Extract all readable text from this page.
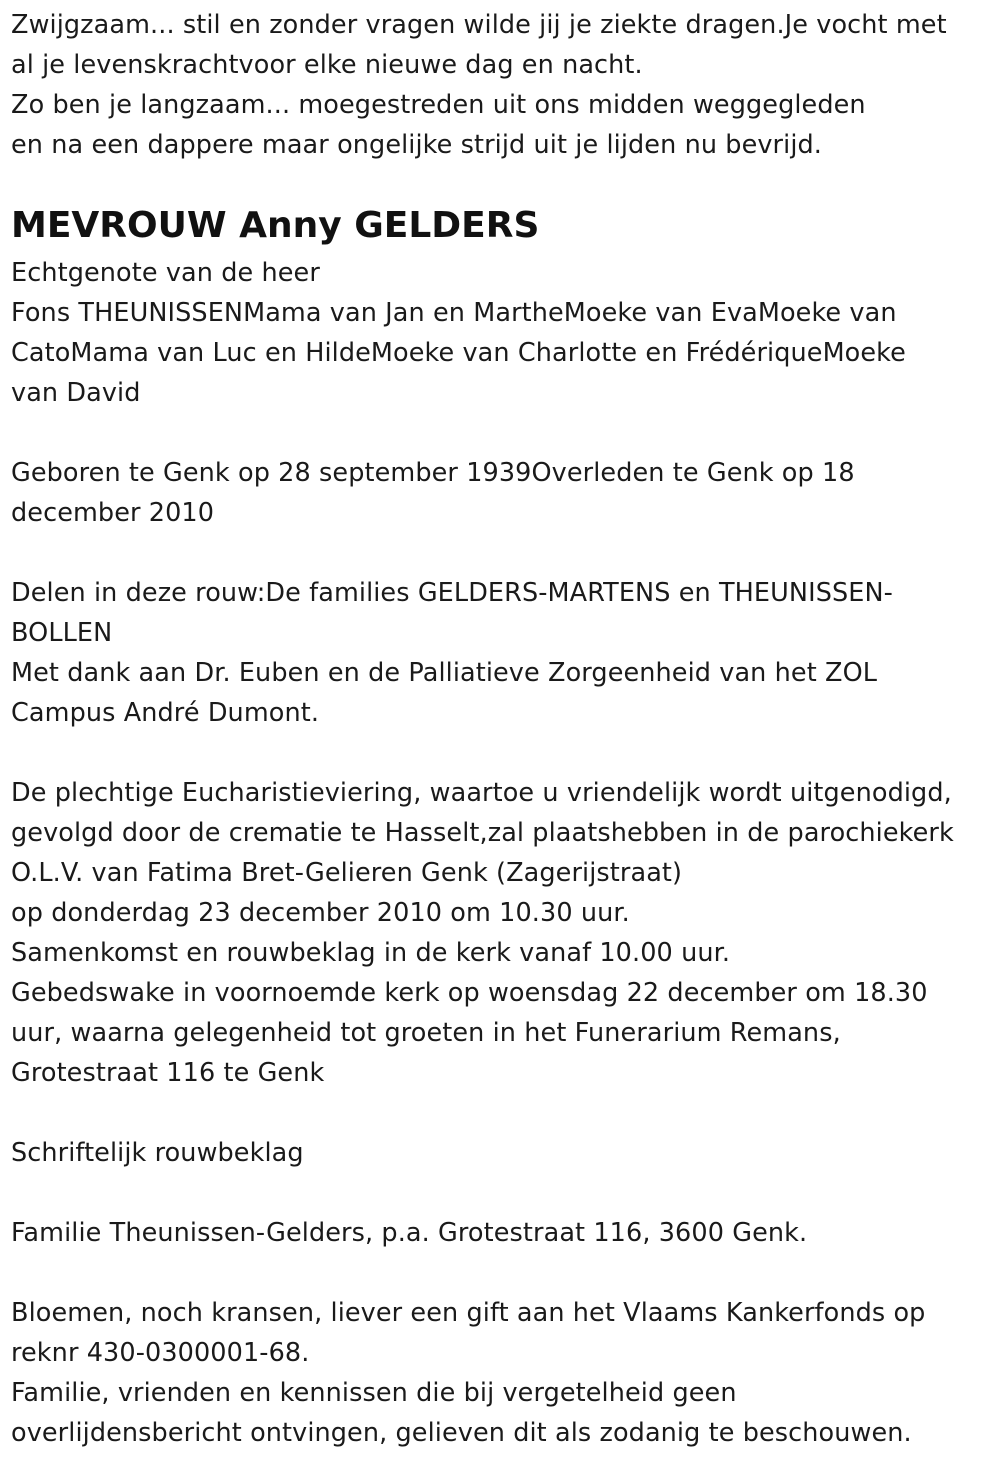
Zwijgzaam... stil en zonder vragen wilde jij je ziekte dragen.Je vocht met
al je levenskrachtvoor elke nieuwe dag en nacht.
Zo ben je langzaam... moegestreden uit ons midden weggegleden
en na een dappere maar ongelijke strijd uit je lijden nu bevrijd.
MEVROUW Anny GELDERS
Echtgenote van de heer
Fons THEUNISSENMama van Jan en MartheMoeke van EvaMoeke van
CatoMama van Luc en HildeMoeke van Charlotte en FrédériqueMoeke
van David
Geboren te Genk op 28 september 1939Overleden te Genk op 18
december 2010
Delen in deze rouw:De families GELDERS-MARTENS en THEUNISSEN-
BOLLEN
Met dank aan Dr. Euben en de Palliatieve Zorgeenheid van het ZOL
Campus André Dumont.
De plechtige Eucharistieviering, waartoe u vriendelijk wordt uitgenodigd,
gevolgd door de crematie te Hasselt,zal plaatshebben in de parochiekerk
O.L.V. van Fatima Bret-Gelieren Genk (Zagerijstraat)
op donderdag 23 december 2010 om 10.30 uur.
Samenkomst en rouwbeklag in de kerk vanaf 10.00 uur.
Gebedswake in voornoemde kerk op woensdag 22 december om 18.30
uur, waarna gelegenheid tot groeten in het Funerarium Remans,
Grotestraat 116 te Genk
Schriftelijk rouwbeklag
Familie Theunissen-Gelders, p.a. Grotestraat 116, 3600 Genk.
Bloemen, noch kransen, liever een gift aan het Vlaams Kankerfonds op
reknr 430-0300001-68.
Familie, vrienden en kennissen die bij vergetelheid geen
overlijdensbericht ontvingen, gelieven dit als zodanig te beschouwen.
